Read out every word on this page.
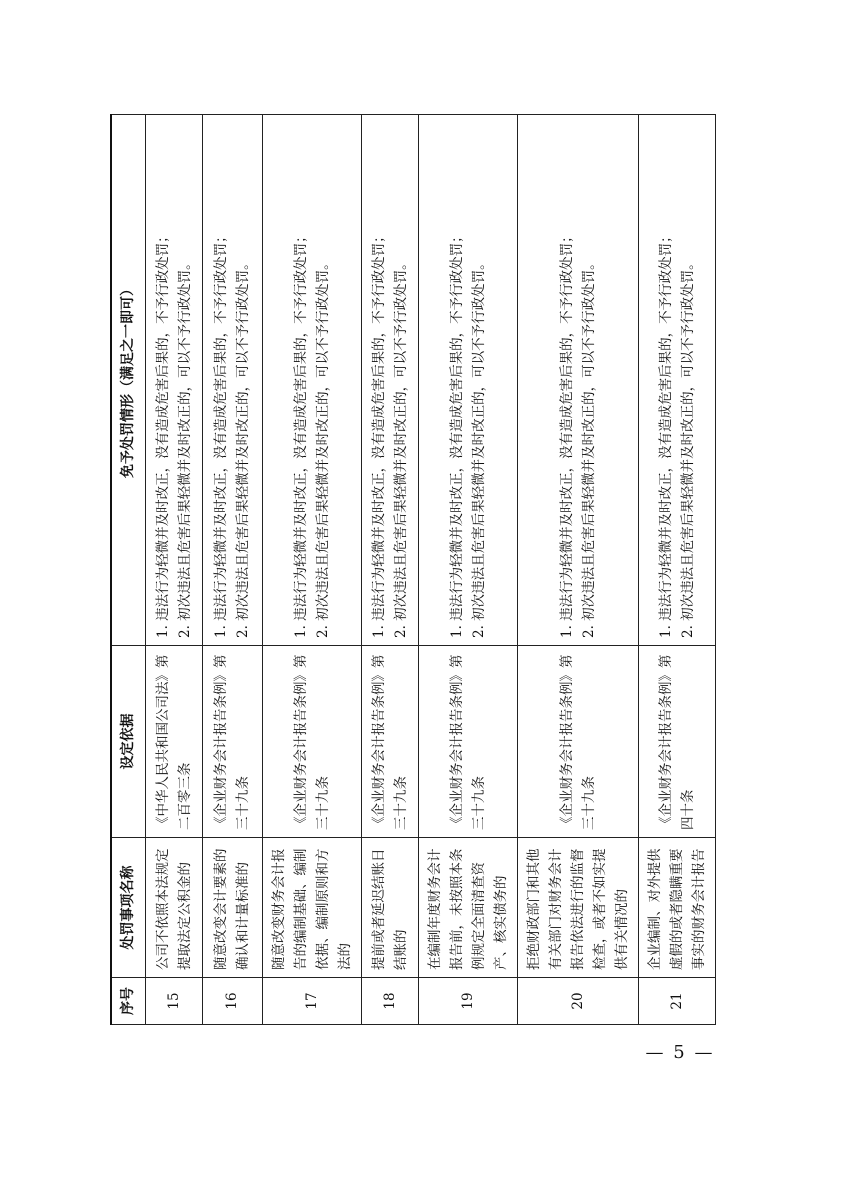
序号	处罚事项名称	设定依据	免予处罚情形（满足之一即可）
15	公司不依照本法规定提取法定公积金的	《中华人民共和国公司法》第二百零三条	1. 违法行为轻微并及时改正，没有造成危害后果的，不予行政处罚； 2. 初次违法且危害后果轻微并及时改正的，可以不予行政处罚。

16	随意改变会计要素的确认和计量标准的	《企业财务会计报告条例》第三十九条	1. 违法行为轻微并及时改正，没有造成危害后果的，不予行政处罚； 2. 初次违法且危害后果轻微并及时改正的，可以不予行政处罚。

17	随意改变财务会计报告的编制基础、编制依据、编制原则和方法的	《企业财务会计报告条例》第三十九条	1. 违法行为轻微并及时改正，没有造成危害后果的，不予行政处罚； 2. 初次违法且危害后果轻微并及时改正的，可以不予行政处罚。

18	提前或者延迟结账日结账的	《企业财务会计报告条例》第三十九条	1. 违法行为轻微并及时改正，没有造成危害后果的，不予行政处罚； 2. 初次违法且危害后果轻微并及时改正的，可以不予行政处罚。

19	在编制年度财务会计报告前，未按照本条例规定全面清查资产、核实债务的	《企业财务会计报告条例》第三十九条	1. 违法行为轻微并及时改正，没有造成危害后果的，不予行政处罚； 2. 初次违法且危害后果轻微并及时改正的，可以不予行政处罚。

20	拒绝财政部门和其他有关部门对财务会计报告依法进行的监督检查，或者不如实提供有关情况的	《企业财务会计报告条例》第三十九条	1. 违法行为轻微并及时改正，没有造成危害后果的，不予行政处罚； 2. 初次违法且危害后果轻微并及时改正的，可以不予行政处罚。

21	企业编制、对外提供虚假的或者隐瞒重要事实的财务会计报告	《企业财务会计报告条例》第四十条	1. 违法行为轻微并及时改正，没有造成危害后果的，不予行政处罚； 2. 初次违法且危害后果轻微并及时改正的，可以不予行政处罚。
— 5 —
